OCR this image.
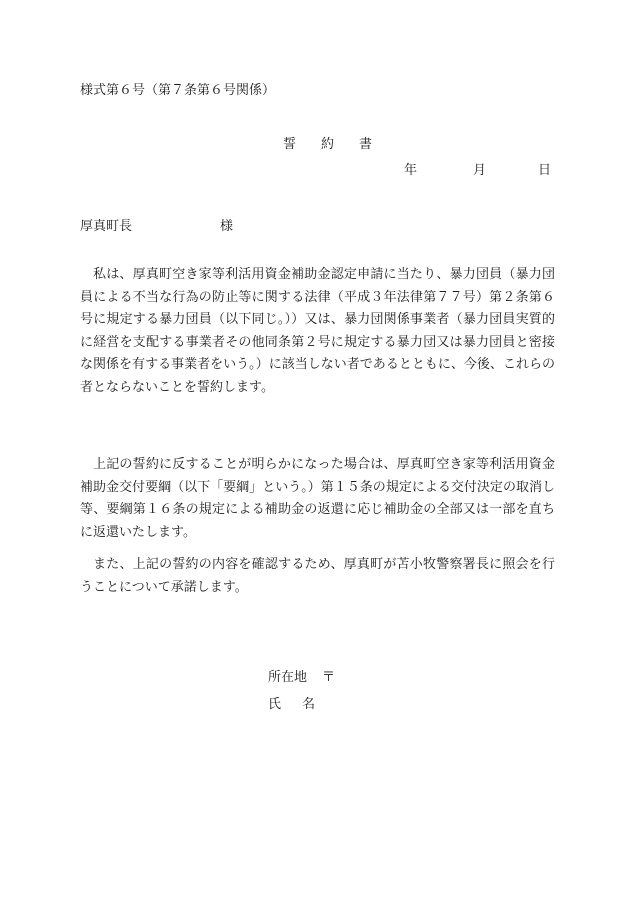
様式第６号（第７条第６号関係）
誓　約　書
年	月	日
厚真町長	様

私は、厚真町空き家等利活用資金補助金認定申請に当たり、暴力団員（暴力団員による不当な行為の防止等に関する法律（平成３年法律第７７号）第２条第６号に規定する暴力団員（以下同じ。））又は、暴力団関係事業者（暴力団員実質的に経営を支配する事業者その他同条第２号に規定する暴力団又は暴力団員と密接な関係を有する事業者をいう。）に該当しない者であるとともに、今後、これらの者とならないことを誓約します。

上記の誓約に反することが明らかになった場合は、厚真町空き家等利活用資金補助金交付要綱（以下「要綱」という。）第１５条の規定による交付決定の取消し等、要綱第１６条の規定による補助金の返還に応じ補助金の全部又は一部を直ちに返還いたします。

また、上記の誓約の内容を確認するため、厚真町が苫小牧警察署長に照会を行うことについて承諾します。

所在地 〒
氏名
